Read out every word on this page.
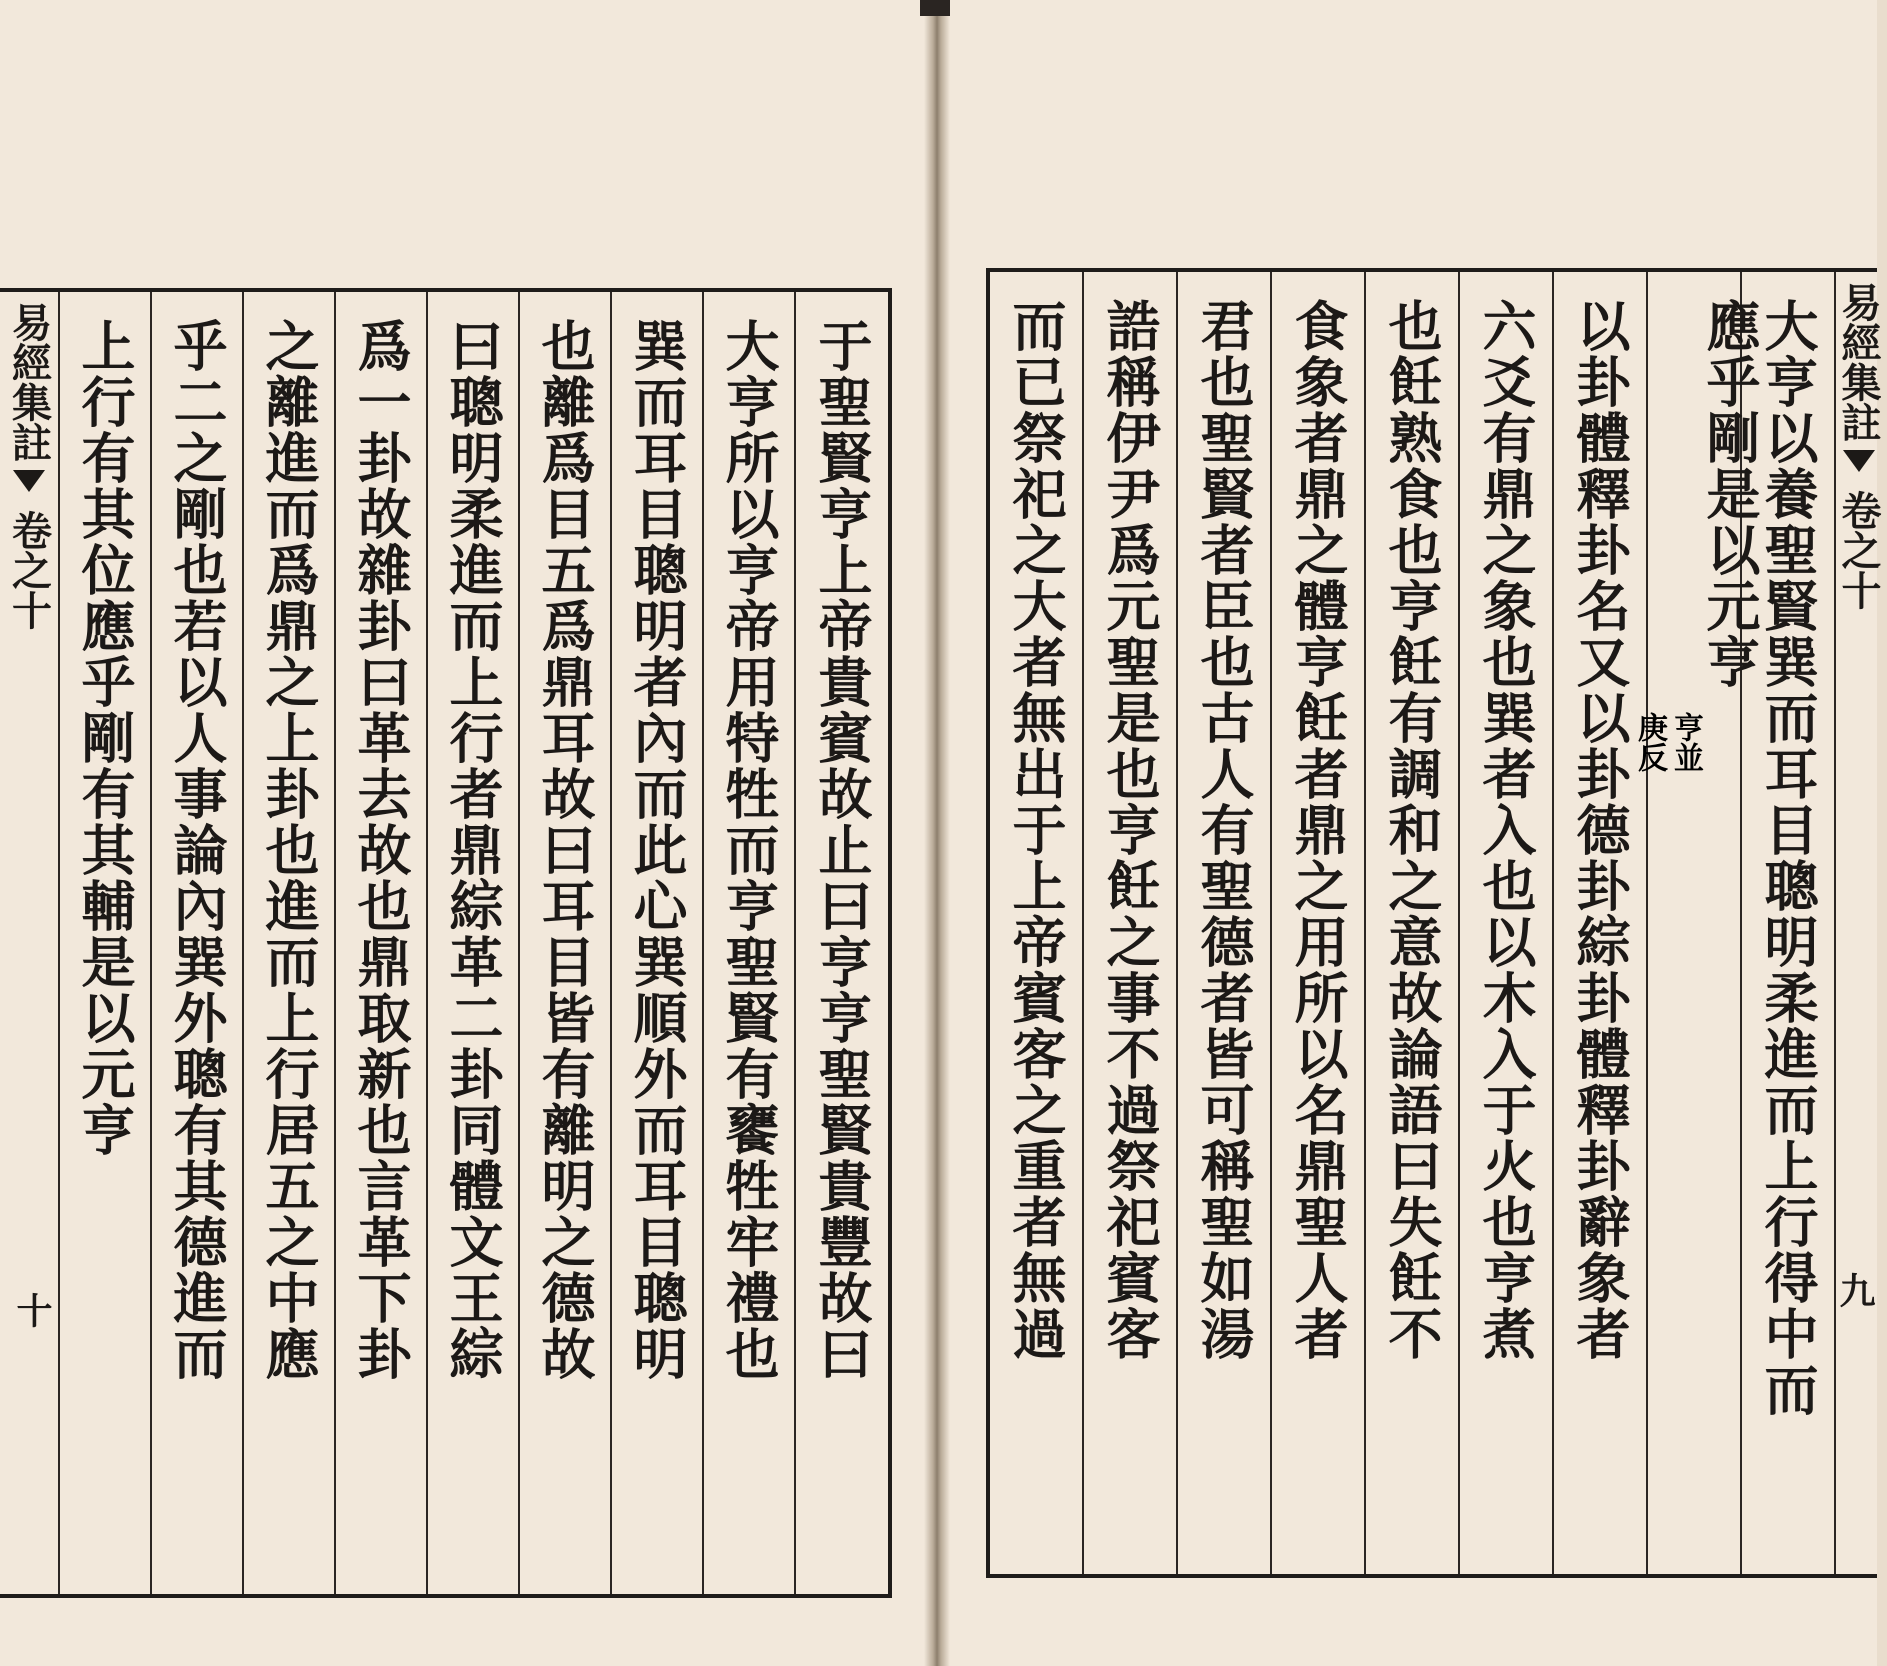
易經集註
卷之十
十
上行有其位應乎剛有其輔是以元亨 乎二之剛也若以人事論內巽外聰有其德進而 之離進而爲鼎之上卦也進而上行居五之中應 爲一卦故雜卦曰革去故也鼎取新也言革下卦 曰聰明柔進而上行者鼎綜革二卦同體文王綜 也離爲目五爲鼎耳故曰耳目皆有離明之德故 巽而耳目聰明者內而此心巽順外而耳目聰明 大亨所以亨帝用特牲而亨聖賢有饔牲牢禮也 于聖賢亨上帝貴賓故止曰亨亨聖賢貴豐故曰 而已祭祀之大者無出于上帝賓客之重者無過 誥稱伊尹爲元聖是也亨飪之事不過祭祀賓客 君也聖賢者臣也古人有聖德者皆可稱聖如湯 食象者鼎之體亨飪者鼎之用所以名鼎聖人者 也飪熟食也亨飪有調和之意故論語曰失飪不 六爻有鼎之象也巽者入也以木入于火也亨煮 以卦體釋卦名又以卦德卦綜卦體釋卦辭象者 應乎剛是以元亨
亨並
庚反 大亨以養聖賢巽而耳目聰明柔進而上行得中而 易經集註
卷之十
九
